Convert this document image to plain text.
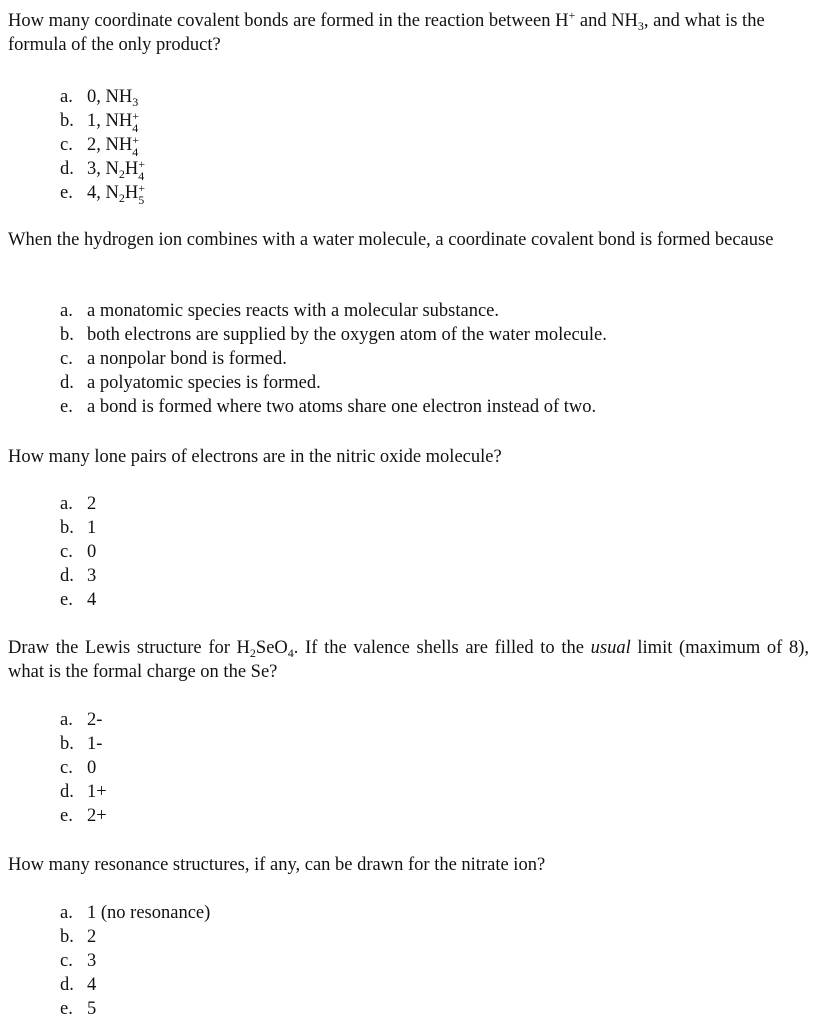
How many coordinate covalent bonds are formed in the reaction between H+ and $NH_3$, and what is the formula of the only product?

a. 0, $NH_3$
b. 1, NH 4
+
c. 2, NH 4
+
d. 3, $N_2H$ 4
+
e. 4, $N_2H$ 5
+

When the hydrogen ion combines with a water molecule, a coordinate covalent bond is formed because

a. a monatomic species reacts with a molecular substance.
b. both electrons are supplied by the oxygen atom of the water molecule.
c. a nonpolar bond is formed.
d. a polyatomic species is formed.
e. a bond is formed where two atoms share one electron instead of two.

How many lone pairs of electrons are in the nitric oxide molecule?

a. 2
b. 1
c. 0
d. 3
e. 4

Draw the Lewis structure for $H_2SeO_4$. If the valence shells are filled to the usual limit (maximum of 8), what is the formal charge on the Se?

a. 2-
b. 1-
c. 0
d. 1+
e. 2+

How many resonance structures, if any, can be drawn for the nitrate ion?

a. 1 (no resonance)
b. 2
c. 3
d. 4
e. 5
